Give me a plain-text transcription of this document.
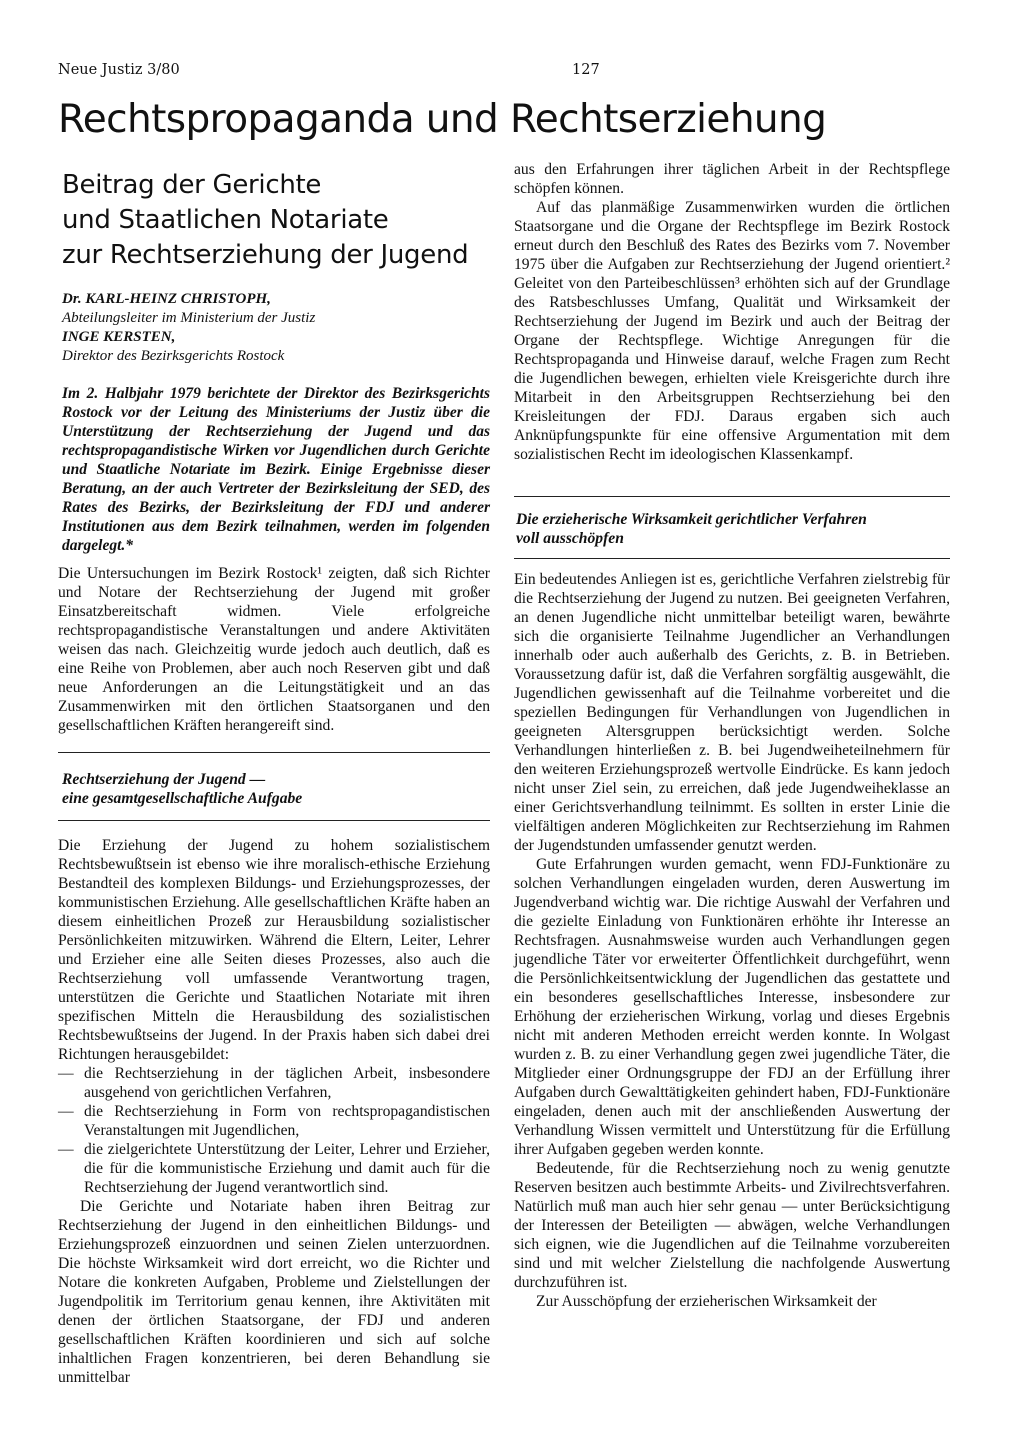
Neue Justiz 3/80	127
Rechtspropaganda und Rechtserziehung
Beitrag der Gerichte
und Staatlichen Notariate
zur Rechtserziehung der Jugend
Dr. KARL-HEINZ CHRISTOPH,
Abteilungsleiter im Ministerium der Justiz
INGE KERSTEN,
Direktor des Bezirksgerichts Rostock
Im 2. Halbjahr 1979 berichtete der Direktor des Bezirksgerichts Rostock vor der Leitung des Ministeriums der Justiz über die Unterstützung der Rechtserziehung der Jugend und das rechtspropagandistische Wirken vor Jugendlichen durch Gerichte und Staatliche Notariate im Bezirk. Einige Ergebnisse dieser Beratung, an der auch Vertreter der Bezirksleitung der SED, des Rates des Bezirks, der Bezirksleitung der FDJ und anderer Institutionen aus dem Bezirk teilnahmen, werden im folgenden dargelegt.*

Die Untersuchungen im Bezirk Rostock¹ zeigten, daß sich Richter und Notare der Rechtserziehung der Jugend mit großer Einsatzbereitschaft widmen. Viele erfolgreiche rechtspropagandistische Veranstaltungen und andere Aktivitäten weisen das nach. Gleichzeitig wurde jedoch auch deutlich, daß es eine Reihe von Problemen, aber auch noch Reserven gibt und daß neue Anforderungen an die Leitungstätigkeit und an das Zusammenwirken mit den örtlichen Staatsorganen und den gesellschaftlichen Kräften herangereift sind.

Rechtserziehung der Jugend —
eine gesamtgesellschaftliche Aufgabe

Die Erziehung der Jugend zu hohem sozialistischem Rechtsbewußtsein ist ebenso wie ihre moralisch-ethische Erziehung Bestandteil des komplexen Bildungs- und Erziehungsprozesses, der kommunistischen Erziehung. Alle gesellschaftlichen Kräfte haben an diesem einheitlichen Prozeß zur Herausbildung sozialistischer Persönlichkeiten mitzuwirken. Während die Eltern, Leiter, Lehrer und Erzieher eine alle Seiten dieses Prozesses, also auch die Rechtserziehung voll umfassende Verantwortung tragen, unterstützen die Gerichte und Staatlichen Notariate mit ihren spezifischen Mitteln die Herausbildung des sozialistischen Rechtsbewußtseins der Jugend. In der Praxis haben sich dabei drei Richtungen herausgebildet:

— die Rechtserziehung in der täglichen Arbeit, insbesondere ausgehend von gerichtlichen Verfahren,
— die Rechtserziehung in Form von rechtspropagandistischen Veranstaltungen mit Jugendlichen,
— die zielgerichtete Unterstützung der Leiter, Lehrer und Erzieher, die für die kommunistische Erziehung und damit auch für die Rechtserziehung der Jugend verantwortlich sind.

Die Gerichte und Notariate haben ihren Beitrag zur Rechtserziehung der Jugend in den einheitlichen Bildungs- und Erziehungsprozeß einzuordnen und seinen Zielen unterzuordnen. Die höchste Wirksamkeit wird dort erreicht, wo die Richter und Notare die konkreten Aufgaben, Probleme und Zielstellungen der Jugendpolitik im Territorium genau kennen, ihre Aktivitäten mit denen der örtlichen Staatsorgane, der FDJ und anderen gesellschaftlichen Kräften koordinieren und sich auf solche inhaltlichen Fragen konzentrieren, bei deren Behandlung sie unmittelbar

aus den Erfahrungen ihrer täglichen Arbeit in der Rechtspflege schöpfen können.

Auf das planmäßige Zusammenwirken wurden die örtlichen Staatsorgane und die Organe der Rechtspflege im Bezirk Rostock erneut durch den Beschluß des Rates des Bezirks vom 7. November 1975 über die Aufgaben zur Rechtserziehung der Jugend orientiert.² Geleitet von den Parteibeschlüssen³ erhöhten sich auf der Grundlage des Ratsbeschlusses Umfang, Qualität und Wirksamkeit der Rechtserziehung der Jugend im Bezirk und auch der Beitrag der Organe der Rechtspflege. Wichtige Anregungen für die Rechtspropaganda und Hinweise darauf, welche Fragen zum Recht die Jugendlichen bewegen, erhielten viele Kreisgerichte durch ihre Mitarbeit in den Arbeitsgruppen Rechtserziehung bei den Kreisleitungen der FDJ. Daraus ergaben sich auch Anknüpfungspunkte für eine offensive Argumentation mit dem sozialistischen Recht im ideologischen Klassenkampf.

Die erzieherische Wirksamkeit gerichtlicher Verfahren
voll ausschöpfen

Ein bedeutendes Anliegen ist es, gerichtliche Verfahren zielstrebig für die Rechtserziehung der Jugend zu nutzen. Bei geeigneten Verfahren, an denen Jugendliche nicht unmittelbar beteiligt waren, bewährte sich die organisierte Teilnahme Jugendlicher an Verhandlungen innerhalb oder auch außerhalb des Gerichts, z. B. in Betrieben. Voraussetzung dafür ist, daß die Verfahren sorgfältig ausgewählt, die Jugendlichen gewissenhaft auf die Teilnahme vorbereitet und die speziellen Bedingungen für Verhandlungen von Jugendlichen in geeigneten Altersgruppen berücksichtigt werden. Solche Verhandlungen hinterließen z. B. bei Jugendweiheteilnehmern für den weiteren Erziehungsprozeß wertvolle Eindrücke. Es kann jedoch nicht unser Ziel sein, zu erreichen, daß jede Jugendweiheklasse an einer Gerichtsverhandlung teilnimmt. Es sollten in erster Linie die vielfältigen anderen Möglichkeiten zur Rechtserziehung im Rahmen der Jugendstunden umfassender genutzt werden.

Gute Erfahrungen wurden gemacht, wenn FDJ-Funktionäre zu solchen Verhandlungen eingeladen wurden, deren Auswertung im Jugendverband wichtig war. Die richtige Auswahl der Verfahren und die gezielte Einladung von Funktionären erhöhte ihr Interesse an Rechtsfragen. Ausnahmsweise wurden auch Verhandlungen gegen jugendliche Täter vor erweiterter Öffentlichkeit durchgeführt, wenn die Persönlichkeitsentwicklung der Jugendlichen das gestattete und ein besonderes gesellschaftliches Interesse, insbesondere zur Erhöhung der erzieherischen Wirkung, vorlag und dieses Ergebnis nicht mit anderen Methoden erreicht werden konnte. In Wolgast wurden z. B. zu einer Verhandlung gegen zwei jugendliche Täter, die Mitglieder einer Ordnungsgruppe der FDJ an der Erfüllung ihrer Aufgaben durch Gewalttätigkeiten gehindert haben, FDJ-Funktionäre eingeladen, denen auch mit der anschließenden Auswertung der Verhandlung Wissen vermittelt und Unterstützung für die Erfüllung ihrer Aufgaben gegeben werden konnte.

Bedeutende, für die Rechtserziehung noch zu wenig genutzte Reserven besitzen auch bestimmte Arbeits- und Zivilrechtsverfahren. Natürlich muß man auch hier sehr genau — unter Berücksichtigung der Interessen der Beteiligten — abwägen, welche Verhandlungen sich eignen, wie die Jugendlichen auf die Teilnahme vorzubereiten sind und mit welcher Zielstellung die nachfolgende Auswertung durchzuführen ist.

Zur Ausschöpfung der erzieherischen Wirksamkeit der
